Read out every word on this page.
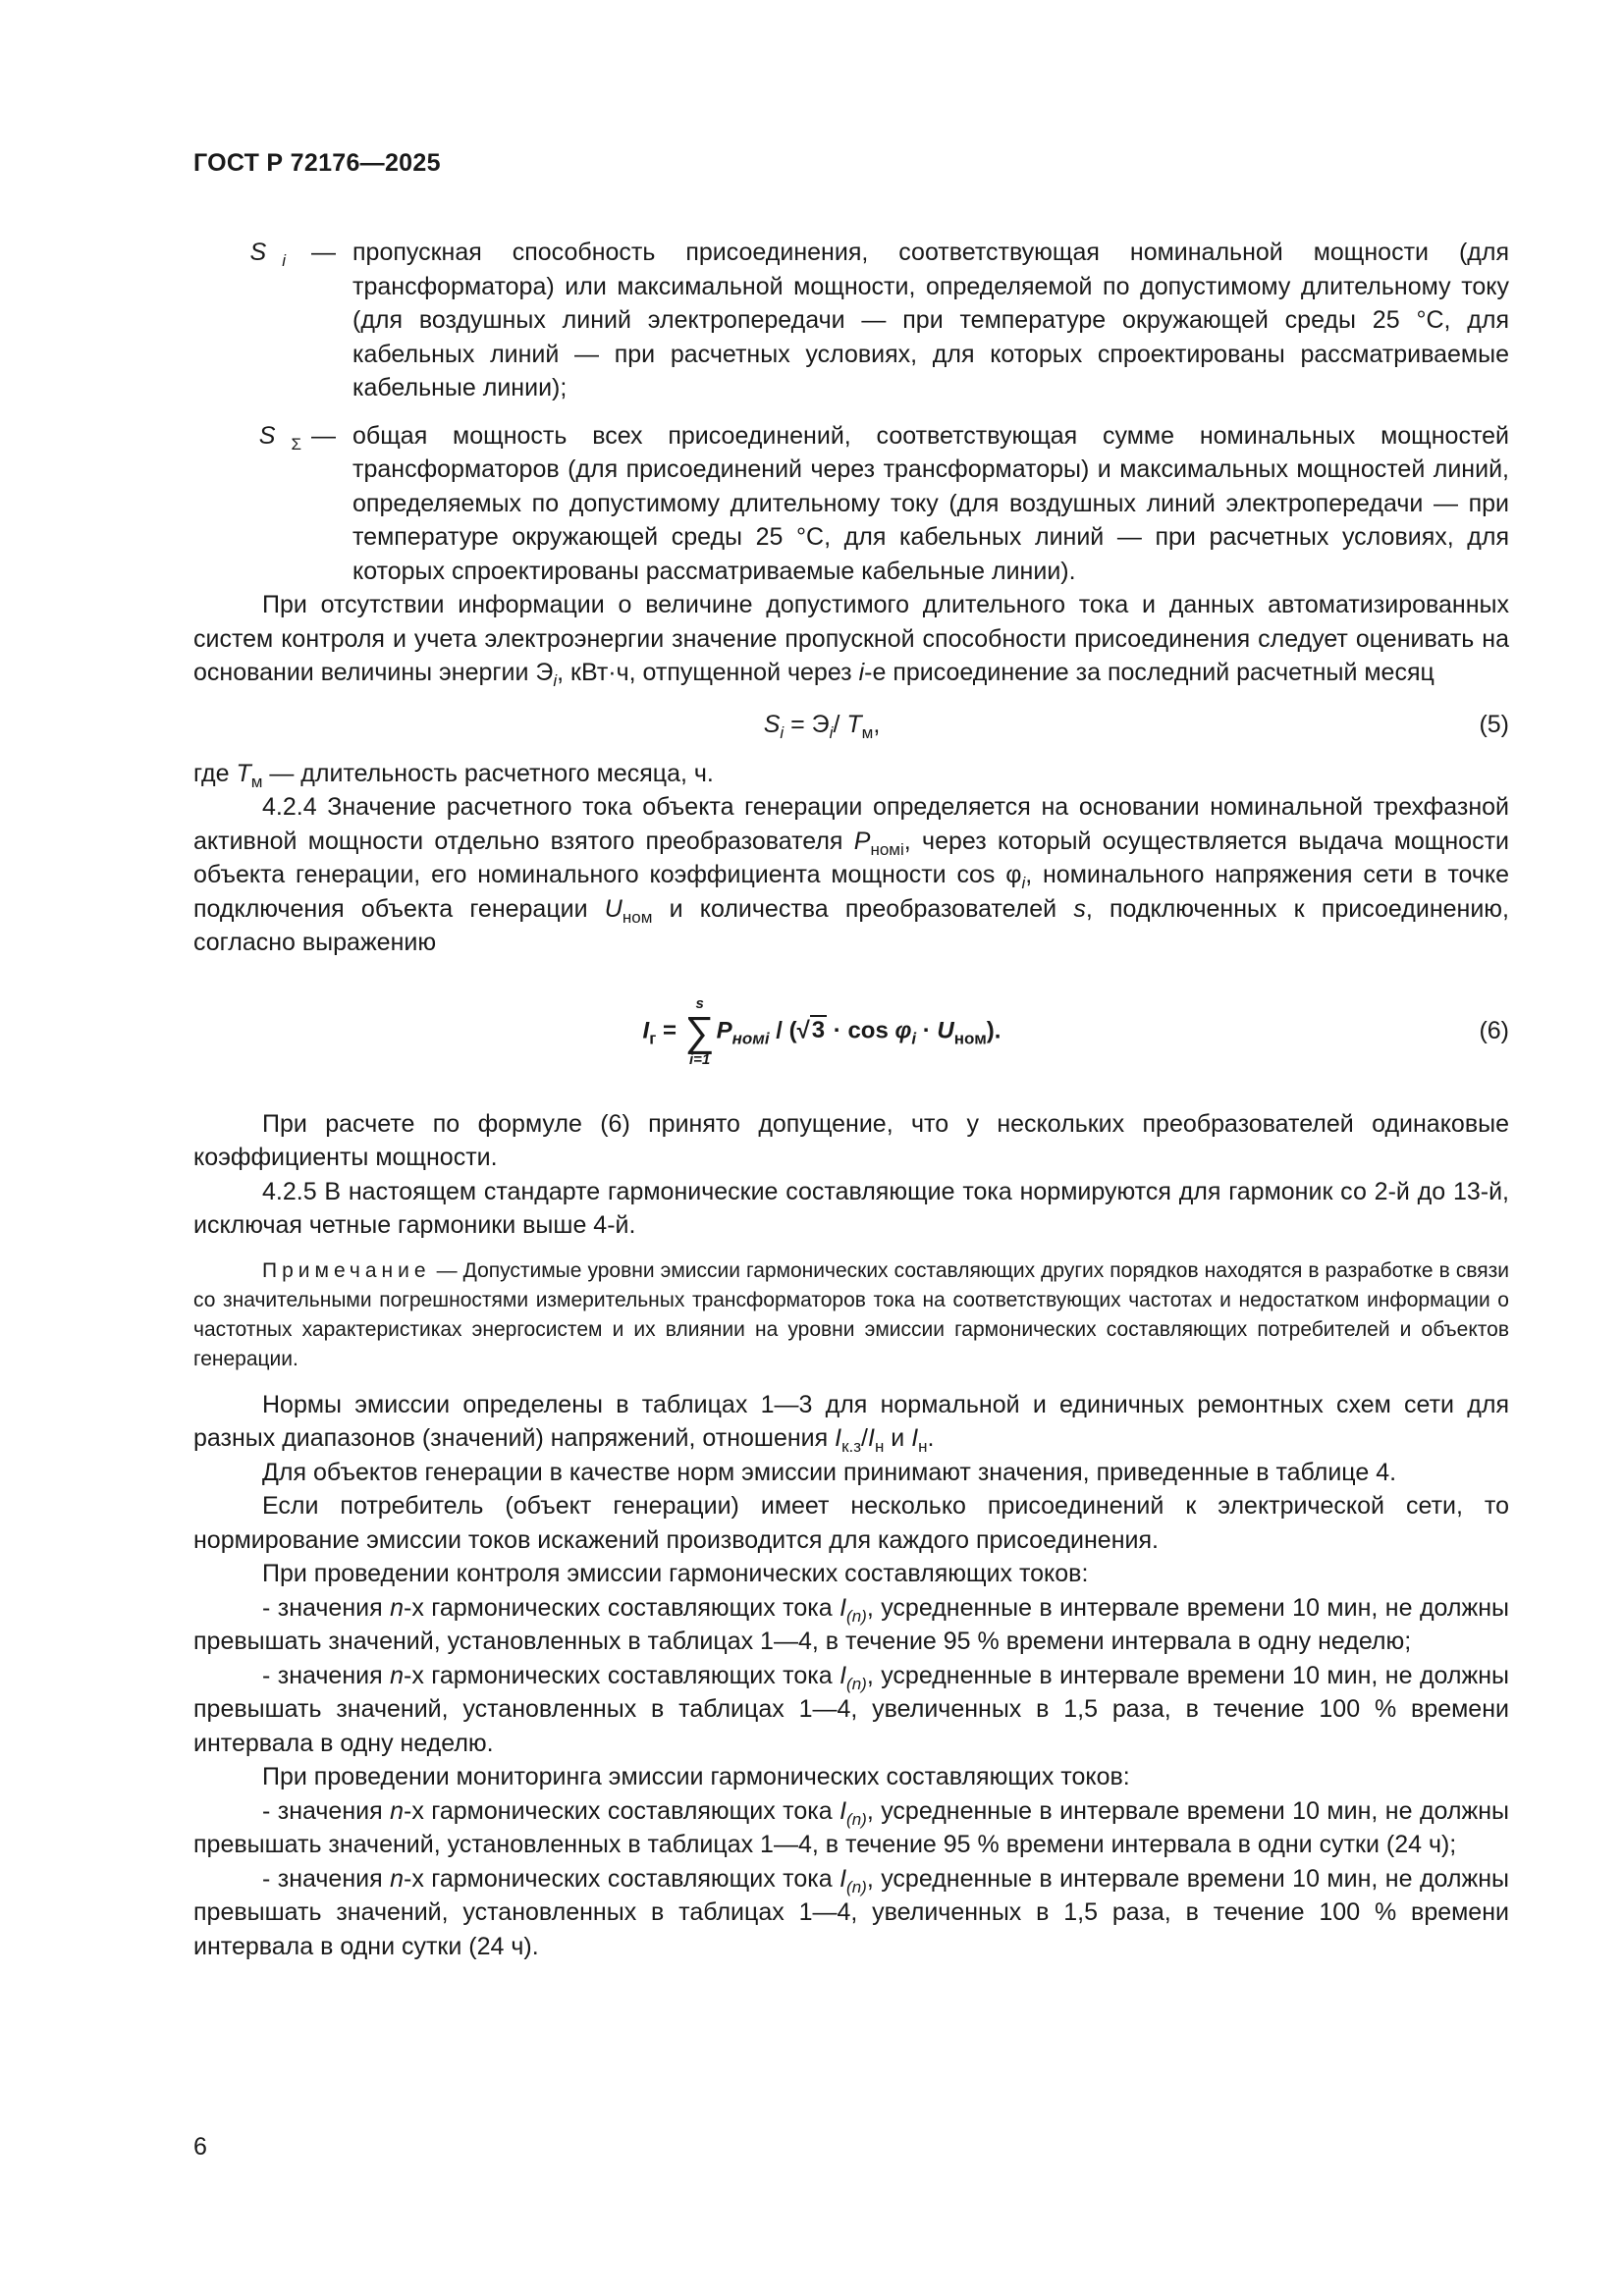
ГОСТ Р 72176—2025
S $_i$	— пропускная способность присоединения, соответствующая номинальной мощности (для трансформатора) или максимальной мощности, определяемой по допустимому длительному току (для воздушных линий электропередачи — при температуре окружающей среды 25 °С, для кабельных линий — при расчетных условиях, для которых спроектированы рассматриваемые кабельные линии);
S $_\Sigma$ — общая мощность всех присоединений, соответствующая сумме номинальных мощностей трансформаторов (для присоединений через трансформаторы) и максимальных мощностей линий, определяемых по допустимому длительному току (для воздушных линий электропередачи — при температуре окружающей среды 25 °С, для кабельных линий — при расчетных условиях, для которых спроектированы рассматриваемые кабельные линии).

При отсутствии информации о величине допустимого длительного тока и данных автоматизированных систем контроля и учета электроэнергии значение пропускной способности присоединения следует оценивать на основании величины энергии $Э_i$, кВт·ч, отпущенной через i-е присоединение за последний расчетный месяц

$S_i = Э_i/$ $T_м$,	(5)

где $T_м$ — длительность расчетного месяца, ч.

4.2.4 Значение расчетного тока объекта генерации определяется на основании номинальной трехфазной активной мощности отдельно взятого преобразователя $P_{номi}$, через который осуществляется выдача мощности объекта генерации, его номинального коэффициента мощности $\cos \varphi_i$, номинального напряжения сети в точке подключения объекта генерации $U_{ном}$ и количества преобразователей s, подключенных к присоединению, согласно выражению

$I_г$ =
s
∑
i=1
$P_{номi} / (√3 \cdot \cos \varphi_i \cdot U_{ном})$.	(6)

При расчете по формуле (6) принято допущение, что у нескольких преобразователей одинаковые коэффициенты мощности.

4.2.5 В настоящем стандарте гармонические составляющие тока нормируются для гармоник со 2-й до 13-й, исключая четные гармоники выше 4-й.

Примечание — Допустимые уровни эмиссии гармонических составляющих других порядков находятся в разработке в связи со значительными погрешностями измерительных трансформаторов тока на соответствующих частотах и недостатком информации о частотных характеристиках энергосистем и их влиянии на уровни эмиссии гармонических составляющих потребителей и объектов генерации.

Нормы эмиссии определены в таблицах 1—3 для нормальной и единичных ремонтных схем сети для разных диапазонов (значений) напряжений, отношения $I_{к.з}/I_н$ и $I_н$.

Для объектов генерации в качестве норм эмиссии принимают значения, приведенные в таблице 4.

Если потребитель (объект генерации) имеет несколько присоединений к электрической сети, то нормирование эмиссии токов искажений производится для каждого присоединения.

При проведении контроля эмиссии гармонических составляющих токов:

- значения n-х гармонических составляющих тока $I_{(n)}$, усредненные в интервале времени 10 мин, не должны превышать значений, установленных в таблицах 1—4, в течение 95 % времени интервала в одну неделю;

- значения n-х гармонических составляющих тока $I_{(n)}$, усредненные в интервале времени 10 мин, не должны превышать значений, установленных в таблицах 1—4, увеличенных в 1,5 раза, в течение 100 % времени интервала в одну неделю.

При проведении мониторинга эмиссии гармонических составляющих токов:

- значения n-х гармонических составляющих тока $I_{(n)}$, усредненные в интервале времени 10 мин, не должны превышать значений, установленных в таблицах 1—4, в течение 95 % времени интервала в одни сутки (24 ч);

- значения n-х гармонических составляющих тока $I_{(n)}$, усредненные в интервале времени 10 мин, не должны превышать значений, установленных в таблицах 1—4, увеличенных в 1,5 раза, в течение 100 % времени интервала в одни сутки (24 ч).

6
